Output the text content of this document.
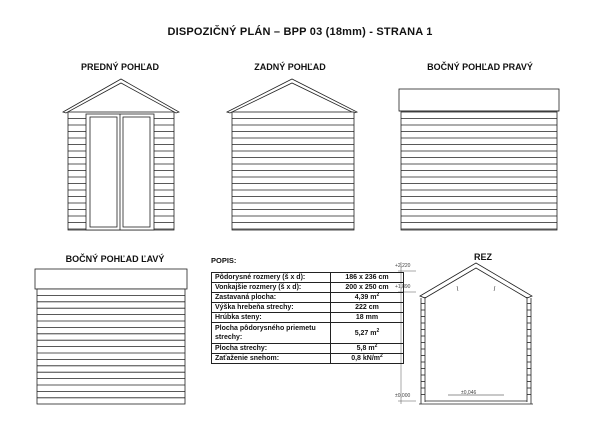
DISPOZIČNÝ PLÁN – BPP 03 (18mm) - STRANA 1
PREDNÝ POHĽAD	ZADNÝ POHĽAD	BOČNÝ POHĽAD PRAVÝ
BOČNÝ POHĽAD ĽAVÝ	REZ
+2,220
+1,890
±0,000	±0,046
POPIS:
Pôdorysné rozmery (š x d):	186 x 236 cm
Vonkajšie rozmery (š x d):	200 x 250 cm
Zastavaná plocha:	4,39 $m^2$
Výška hrebeňa strechy:	222 cm
Hrúbka steny:	18 mm
Plocha pôdorysného priemetu strechy:	5,27 $m^2$
Plocha strechy:	5,8 $m^2$
Zaťaženie snehom:	0,8 $kN/m^2$
